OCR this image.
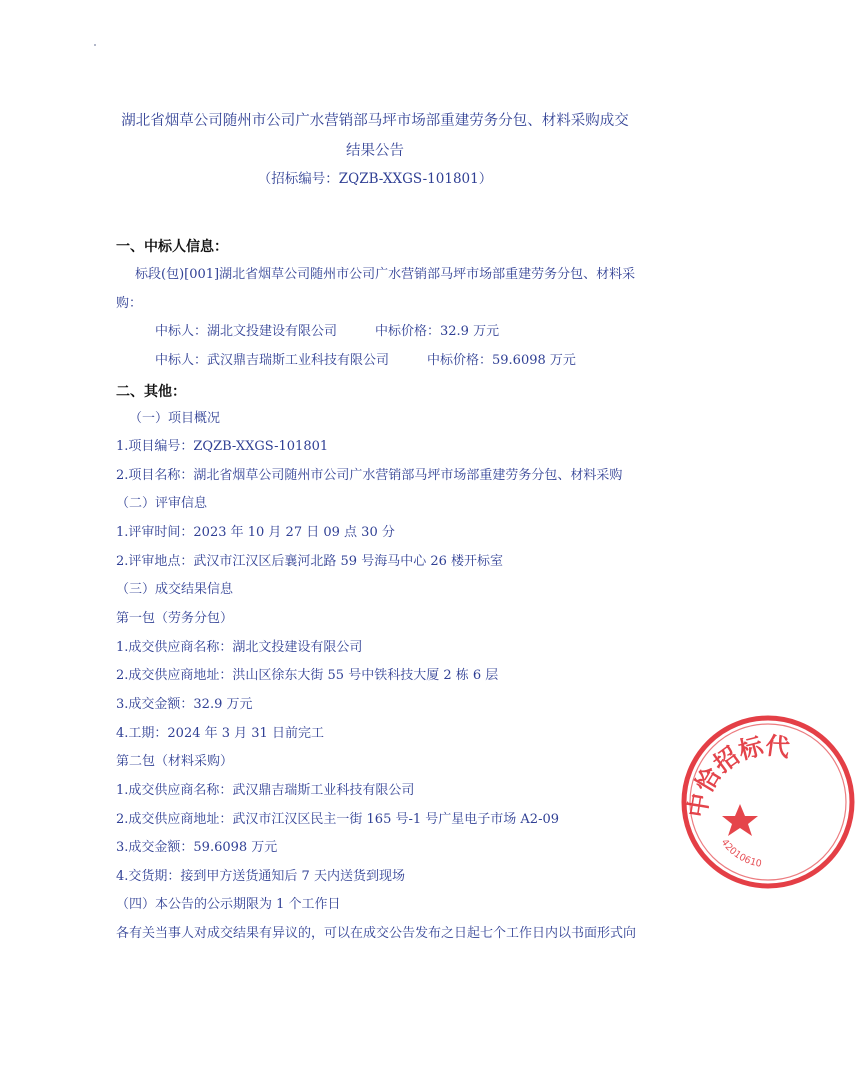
湖北省烟草公司随州市公司广水营销部马坪市场部重建劳务分包、材料采购成交
结果公告
（招标编号：ZQZB-XXGS-101801）
一、中标人信息：
标段(包)[001]湖北省烟草公司随州市公司广水营销部马坪市场部重建劳务分包、材料采
购：
中标人：湖北文投建设有限公司	中标价格：32.9 万元
中标人：武汉鼎吉瑞斯工业科技有限公司	中标价格：59.6098 万元
二、其他：
（一）项目概况
1.项目编号：ZQZB-XXGS-101801
2.项目名称：湖北省烟草公司随州市公司广水营销部马坪市场部重建劳务分包、材料采购
（二）评审信息
1.评审时间：2023 年 10 月 27 日 09 点 30 分
2.评审地点：武汉市江汉区后襄河北路 59 号海马中心 26 楼开标室
（三）成交结果信息
第一包（劳务分包）
1.成交供应商名称：湖北文投建设有限公司
2.成交供应商地址：洪山区徐东大街 55 号中铁科技大厦 2 栋 6 层
3.成交金额：32.9 万元
4.工期：2024 年 3 月 31 日前完工
第二包（材料采购）
1.成交供应商名称：武汉鼎吉瑞斯工业科技有限公司
2.成交供应商地址：武汉市江汉区民主一街 165 号-1 号广星电子市场 A2-09
3.成交金额：59.6098 万元
4.交货期：接到甲方送货通知后 7 天内送货到现场
（四）本公告的公示期限为 1 个工作日
各有关当事人对成交结果有异议的，可以在成交公告发布之日起七个工作日内以书面形式向
中恰招标代
42010610
